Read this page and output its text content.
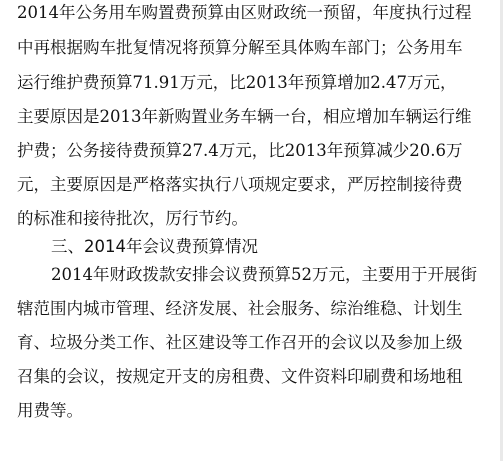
2014年公务用车购置费预算由区财政统一预留，年度执行过程
中再根据购车批复情况将预算分解至具体购车部门；公务用车
运行维护费预算71.91万元，比2013年预算增加2.47万元，
主要原因是2013年新购置业务车辆一台，相应增加车辆运行维
护费；公务接待费预算27.4万元，比2013年预算减少20.6万
元，主要原因是严格落实执行八项规定要求，严厉控制接待费
的标准和接待批次，厉行节约。
三、2014年会议费预算情况
2014年财政拨款安排会议费预算52万元，主要用于开展街
辖范围内城市管理、经济发展、社会服务、综治维稳、计划生
育、垃圾分类工作、社区建设等工作召开的会议以及参加上级
召集的会议，按规定开支的房租费、文件资料印刷费和场地租
用费等。
